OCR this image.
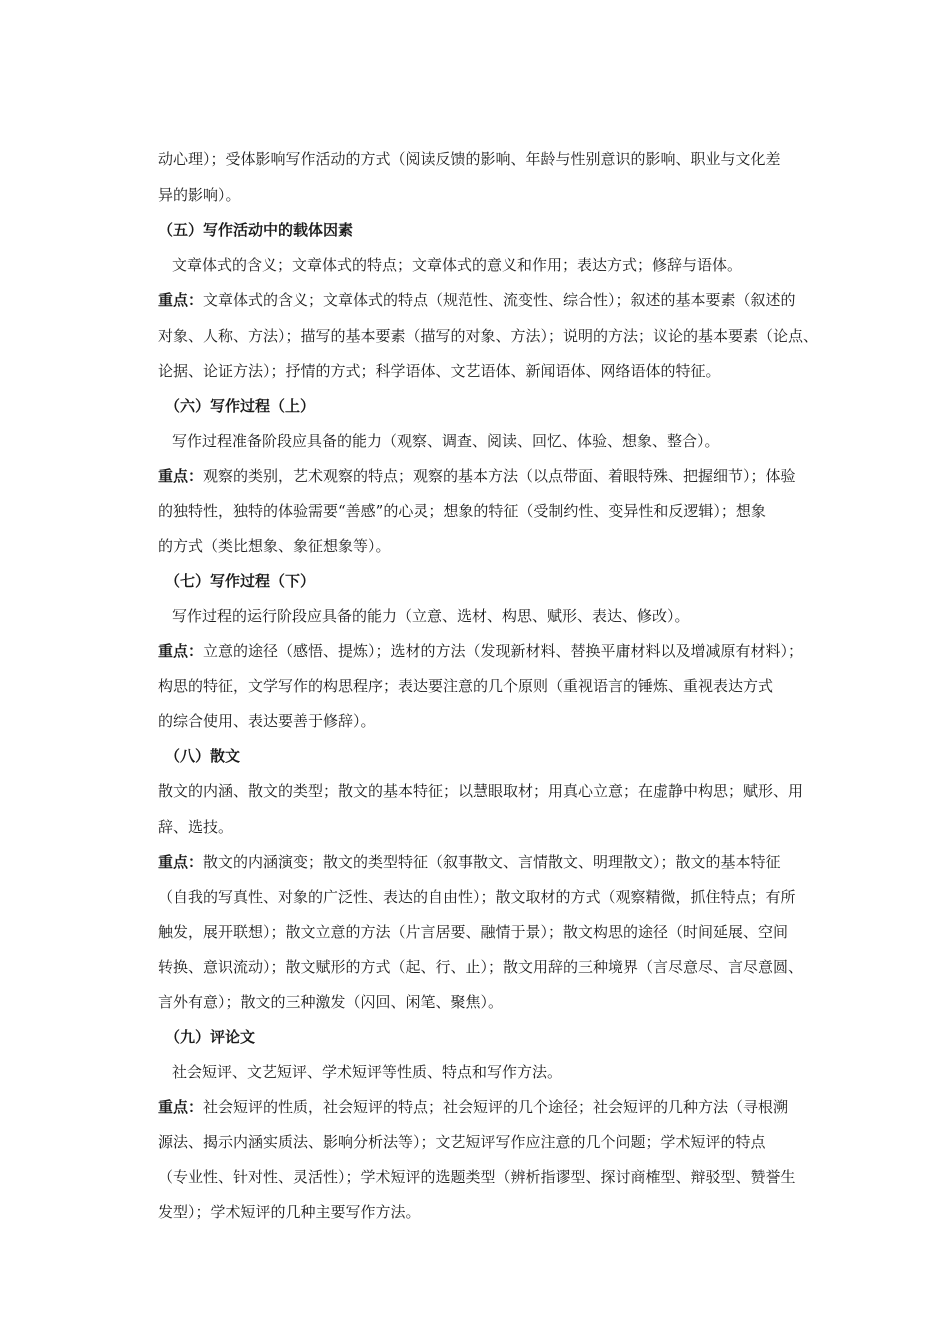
动心理）；受体影响写作活动的方式（阅读反馈的影响、年龄与性别意识的影响、职业与文化差
异的影响）。
（五）写作活动中的载体因素
文章体式的含义；文章体式的特点；文章体式的意义和作用；表达方式；修辞与语体。
重点：文章体式的含义；文章体式的特点（规范性、流变性、综合性）；叙述的基本要素（叙述的
对象、人称、方法）；描写的基本要素（描写的对象、方法）；说明的方法；议论的基本要素（论点、
论据、论证方法）；抒情的方式；科学语体、文艺语体、新闻语体、网络语体的特征。
（六）写作过程（上）
写作过程准备阶段应具备的能力（观察、调查、阅读、回忆、体验、想象、整合）。
重点：观察的类别，艺术观察的特点；观察的基本方法（以点带面、着眼特殊、把握细节）；体验
的独特性，独特的体验需要“善感”的心灵；想象的特征（受制约性、变异性和反逻辑）；想象
的方式（类比想象、象征想象等）。
（七）写作过程（下）
写作过程的运行阶段应具备的能力（立意、选材、构思、赋形、表达、修改）。
重点：立意的途径（感悟、提炼）；选材的方法（发现新材料、替换平庸材料以及增减原有材料）；
构思的特征，文学写作的构思程序；表达要注意的几个原则（重视语言的锤炼、重视表达方式
的综合使用、表达要善于修辞）。
（八）散文
散文的内涵、散文的类型；散文的基本特征；以慧眼取材；用真心立意；在虚静中构思；赋形、用
辞、选技。
重点：散文的内涵演变；散文的类型特征（叙事散文、言情散文、明理散文）；散文的基本特征
（自我的写真性、对象的广泛性、表达的自由性）；散文取材的方式（观察精微，抓住特点；有所
触发，展开联想）；散文立意的方法（片言居要、融情于景）；散文构思的途径（时间延展、空间
转换、意识流动）；散文赋形的方式（起、行、止）；散文用辞的三种境界（言尽意尽、言尽意圆、
言外有意）；散文的三种激发（闪回、闲笔、聚焦）。
（九）评论文
社会短评、文艺短评、学术短评等性质、特点和写作方法。
重点：社会短评的性质，社会短评的特点；社会短评的几个途径；社会短评的几种方法（寻根溯
源法、揭示内涵实质法、影响分析法等）；文艺短评写作应注意的几个问题；学术短评的特点
（专业性、针对性、灵活性）；学术短评的选题类型（辨析指谬型、探讨商榷型、辩驳型、赞誉生
发型）；学术短评的几种主要写作方法。
